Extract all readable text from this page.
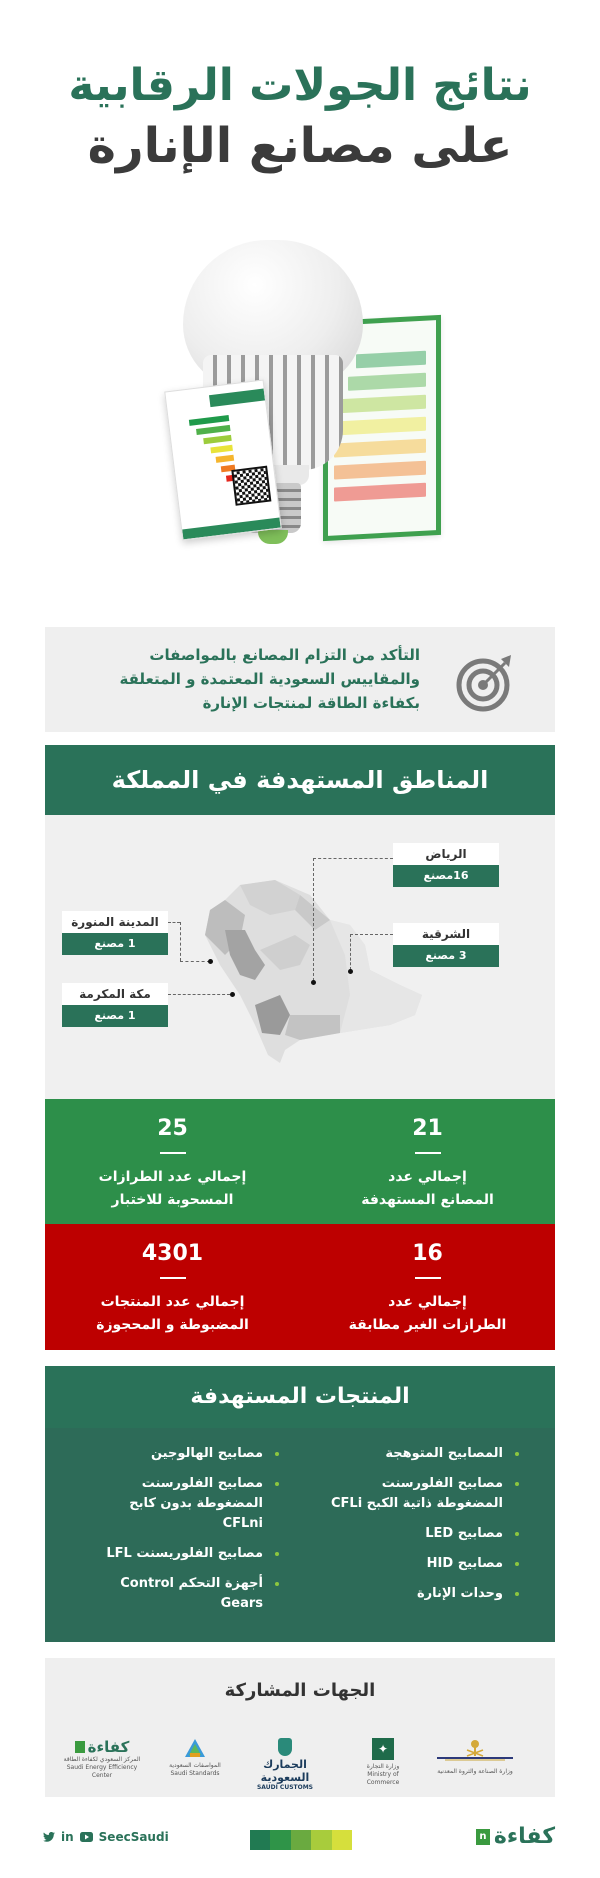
نتائج الجولات الرقابية
على مصانع الإنارة
التأكد من التزام المصانع بالمواصفات والمقاييس السعودية المعتمدة و المتعلقة بكفاءة الطاقة لمنتجات الإنارة
المناطق المستهدفة في المملكة
الرياض
16مصنع
الشرقية
3 مصنع
المدينة المنورة
1 مصنع
مكة المكرمة
1 مصنع
21
إجمالي عدد
المصانع المستهدفة
25
إجمالي عدد الطرازات
المسحوبة للاختبار
16
إجمالي عدد
الطرازات الغير مطابقة
4301
إجمالي عدد المنتجات
المضبوطة و المحجوزة
المنتجات المستهدفة
المصابيح المتوهجة
مصابيح الفلورسنت
المضغوطة ذاتية الكبح CFLi
مصابيح LED
مصابيح HID
وحدات الإنارة
مصابيح الهالوجين
مصابيح الفلورسنت
المضغوطة بدون كابح CFLni
مصابيح الفلوريسنت LFL
أجهزة التحكم Control Gears
الجهات المشاركة
وزارة الصناعة والثروة المعدنية
✦
وزارة التجارة
Ministry of Commerce
الجمارك السعودية
SAUDI CUSTOMS
المواصفات السعودية
Saudi Standards
كفاءة
المركز السعودي لكفاءة الطاقة
Saudi Energy Efficiency Center
in SeecSaudi	n كفاءة
